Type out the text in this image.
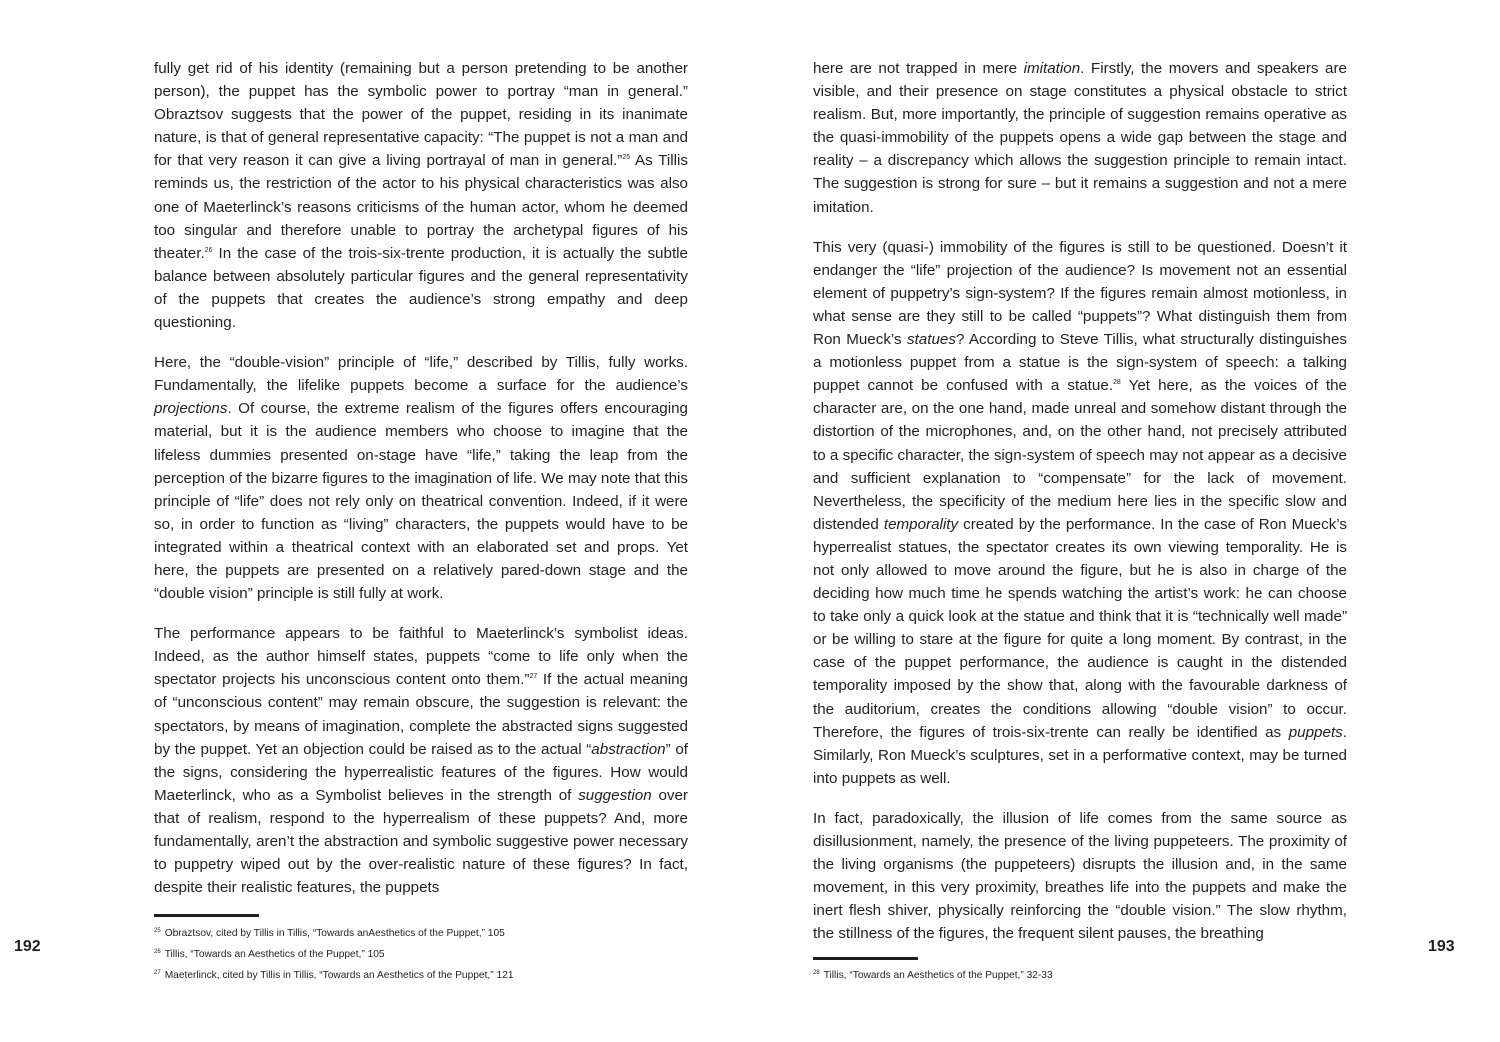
fully get rid of his identity (remaining but a person pretending to be another person), the puppet has the symbolic power to portray “man in general.” Obraztsov suggests that the power of the puppet, residing in its inanimate nature, is that of general representative capacity: “The puppet is not a man and for that very reason it can give a living portrayal of man in general.”$^{25}$ As Tillis reminds us, the restriction of the actor to his physical characteristics was also one of Maeterlinck’s reasons criticisms of the human actor, whom he deemed too singular and therefore unable to portray the archetypal figures of his theater.$^{26}$ In the case of the trois-six-trente production, it is actually the subtle balance between absolutely particular figures and the general representativity of the puppets that creates the audience’s strong empathy and deep questioning.

Here, the “double-vision” principle of “life,” described by Tillis, fully works. Fundamentally, the lifelike puppets become a surface for the audience’s projections. Of course, the extreme realism of the figures offers encouraging material, but it is the audience members who choose to imagine that the lifeless dummies presented on-stage have “life,” taking the leap from the perception of the bizarre figures to the imagination of life. We may note that this principle of “life” does not rely only on theatrical convention. Indeed, if it were so, in order to function as “living” characters, the puppets would have to be integrated within a theatrical context with an elaborated set and props. Yet here, the puppets are presented on a relatively pared-down stage and the “double vision” principle is still fully at work.

The performance appears to be faithful to Maeterlinck’s symbolist ideas. Indeed, as the author himself states, puppets “come to life only when the spectator projects his unconscious content onto them.”$^{27}$ If the actual meaning of “unconscious content” may remain obscure, the suggestion is relevant: the spectators, by means of imagination, complete the abstracted signs suggested by the puppet. Yet an objection could be raised as to the actual “abstraction” of the signs, considering the hyperrealistic features of the figures. How would Maeterlinck, who as a Symbolist believes in the strength of suggestion over that of realism, respond to the hyperrealism of these puppets? And, more fundamentally, aren’t the abstraction and symbolic suggestive power necessary to puppetry wiped out by the over-realistic nature of these figures? In fact, despite their realistic features, the puppets

$^{25}$ Obraztsov, cited by Tillis in Tillis, “Towards anAesthetics of the Puppet,” 105
$^{26}$ Tillis, “Towards an Aesthetics of the Puppet,” 105
$^{27}$ Maeterlinck, cited by Tillis in Tillis, “Towards an Aesthetics of the Puppet,” 121
192

here are not trapped in mere imitation. Firstly, the movers and speakers are visible, and their presence on stage constitutes a physical obstacle to strict realism. But, more importantly, the principle of suggestion remains operative as the quasi-immobility of the puppets opens a wide gap between the stage and reality – a discrepancy which allows the suggestion principle to remain intact. The suggestion is strong for sure – but it remains a suggestion and not a mere imitation.

This very (quasi-) immobility of the figures is still to be questioned. Doesn’t it endanger the “life” projection of the audience? Is movement not an essential element of puppetry’s sign-system? If the figures remain almost motionless, in what sense are they still to be called “puppets”? What distinguish them from Ron Mueck’s statues? According to Steve Tillis, what structurally distinguishes a motionless puppet from a statue is the sign-system of speech: a talking puppet cannot be confused with a statue.$^{28}$ Yet here, as the voices of the character are, on the one hand, made unreal and somehow distant through the distortion of the microphones, and, on the other hand, not precisely attributed to a specific character, the sign-system of speech may not appear as a decisive and sufficient explanation to “compensate” for the lack of movement. Nevertheless, the specificity of the medium here lies in the specific slow and distended temporality created by the performance. In the case of Ron Mueck’s hyperrealist statues, the spectator creates its own viewing temporality. He is not only allowed to move around the figure, but he is also in charge of the deciding how much time he spends watching the artist’s work: he can choose to take only a quick look at the statue and think that it is “technically well made” or be willing to stare at the figure for quite a long moment. By contrast, in the case of the puppet performance, the audience is caught in the distended temporality imposed by the show that, along with the favourable darkness of the auditorium, creates the conditions allowing “double vision” to occur. Therefore, the figures of trois-six-trente can really be identified as puppets. Similarly, Ron Mueck’s sculptures, set in a performative context, may be turned into puppets as well.

In fact, paradoxically, the illusion of life comes from the same source as disillusionment, namely, the presence of the living puppeteers. The proximity of the living organisms (the puppeteers) disrupts the illusion and, in the same movement, in this very proximity, breathes life into the puppets and make the inert flesh shiver, physically reinforcing the “double vision.” The slow rhythm, the stillness of the figures, the frequent silent pauses, the breathing

$^{28}$ Tillis, “Towards an Aesthetics of the Puppet,” 32-33
193
